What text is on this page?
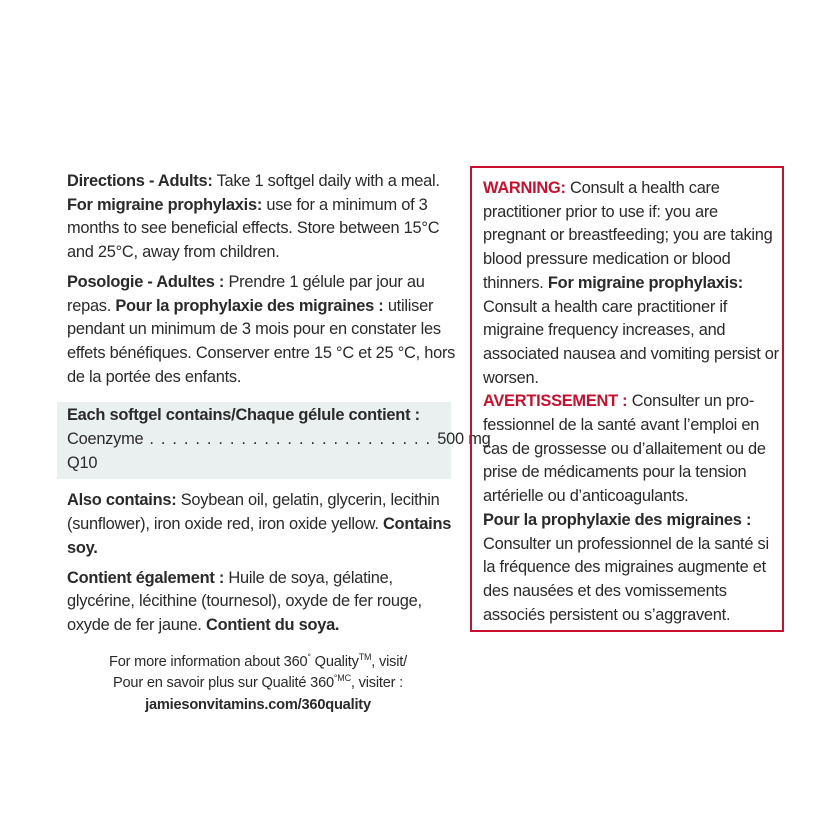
Directions - Adults: Take 1 softgel daily with a meal. For migraine prophylaxis: use for a minimum of 3 months to see beneficial effects. Store between 15°C and 25°C, away from children.

Posologie - Adultes : Prendre 1 gélule par jour au repas. Pour la prophylaxie des migraines : utiliser pendant un minimum de 3 mois pour en constater les effets bénéfiques. Conserver entre 15 °C et 25 °C, hors de la portée des enfants.

Each softgel contains/Chaque gélule contient :

Coenzyme Q10
. . . . . . . . . . . . . . . . . . . . . . . . . 500 mg

Also contains: Soybean oil, gelatin, glycerin, lecithin (sunflower), iron oxide red, iron oxide yellow. Contains soy.

Contient également : Huile de soya, gélatine, glycérine, lécithine (tournesol), oxyde de fer rouge, oxyde de fer jaune. Contient du soya.

For more information about 360° Quality™, visit/
Pour en savoir plus sur Qualité $360^{^\circ MC}$, visiter :
jamiesonvitamins.com/360quality

WARNING: Consult a health care practitioner prior to use if: you are pregnant or breastfeeding; you are taking blood pressure medication or blood thinners. For migraine prophylaxis: Consult a health care practitioner if migraine frequency increases, and associated nausea and vomiting persist or worsen.

AVERTISSEMENT : Consulter un professionnel de la santé avant l’emploi en cas de grossesse ou d’allaitement ou de prise de médicaments pour la tension artérielle ou d’anticoagulants.
Pour la prophylaxie des migraines : Consulter un professionnel de la santé si la fréquence des migraines augmente et des nausées et des vomissements associés persistent ou s’aggravent.
